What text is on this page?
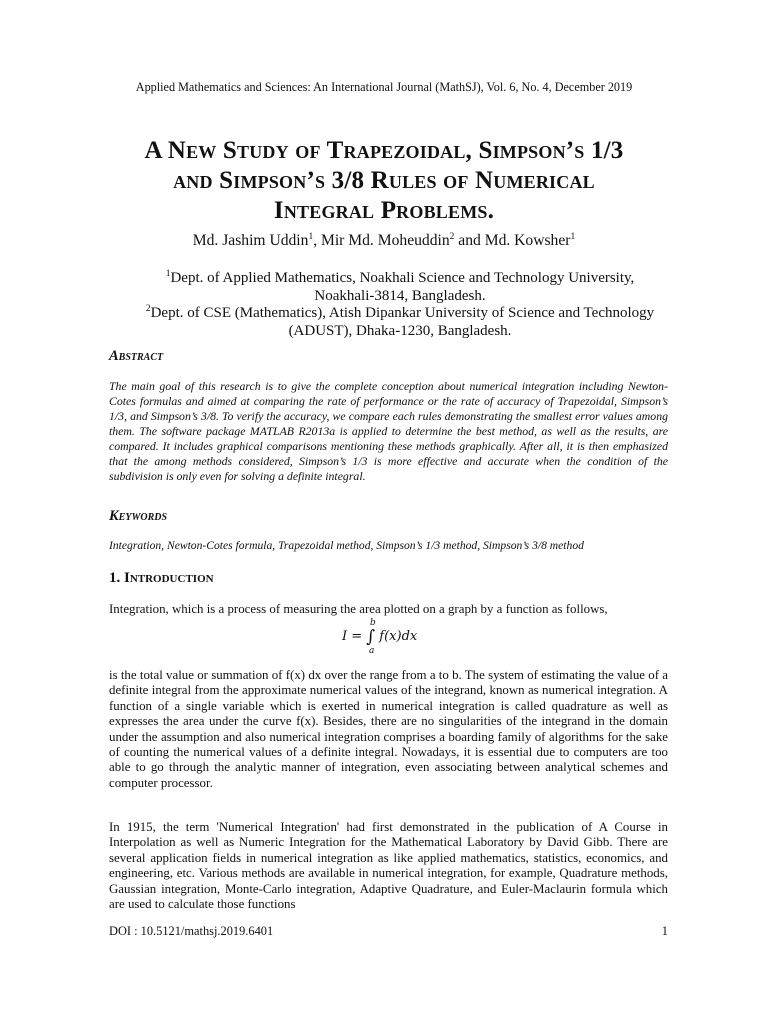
Applied Mathematics and Sciences: An International Journal (MathSJ), Vol. 6, No. 4, December 2019
A New Study of Trapezoidal, Simpson’s 1/3
and Simpson’s 3/8 Rules of Numerical
Integral Problems.
Md. Jashim Uddin$^1$, Mir Md. Moheuddin$^2$ and Md. Kowsher$^1$
$^1$Dept. of Applied Mathematics, Noakhali Science and Technology University, Noakhali-3814, Bangladesh.
$^2$Dept. of CSE (Mathematics), Atish Dipankar University of Science and Technology (ADUST), Dhaka-1230, Bangladesh.
Abstract
The main goal of this research is to give the complete conception about numerical integration including Newton-Cotes formulas and aimed at comparing the rate of performance or the rate of accuracy of Trapezoidal, Simpson’s 1/3, and Simpson’s 3/8. To verify the accuracy, we compare each rules demonstrating the smallest error values among them. The software package MATLAB R2013a is applied to determine the best method, as well as the results, are compared. It includes graphical comparisons mentioning these methods graphically. After all, it is then emphasized that the among methods considered, Simpson’s 1/3 is more effective and accurate when the condition of the subdivision is only even for solving a definite integral.
Keywords
Integration, Newton-Cotes formula, Trapezoidal method, Simpson’s 1/3 method, Simpson’s 3/8 method
1. Introduction
Integration, which is a process of measuring the area plotted on a graph by a function as follows,
b
I = ∫ f(x)dx
a
is the total value or summation of f(x) dx over the range from a to b. The system of estimating the value of a definite integral from the approximate numerical values of the integrand, known as numerical integration. A function of a single variable which is exerted in numerical integration is called quadrature as well as expresses the area under the curve f(x). Besides, there are no singularities of the integrand in the domain under the assumption and also numerical integration comprises a boarding family of algorithms for the sake of counting the numerical values of a definite integral. Nowadays, it is essential due to computers are too able to go through the analytic manner of integration, even associating between analytical schemes and computer processor.
In 1915, the term 'Numerical Integration' had first demonstrated in the publication of A Course in Interpolation as well as Numeric Integration for the Mathematical Laboratory by David Gibb. There are several application fields in numerical integration as like applied mathematics, statistics, economics, and engineering, etc. Various methods are available in numerical integration, for example, Quadrature methods, Gaussian integration, Monte-Carlo integration, Adaptive Quadrature, and Euler-Maclaurin formula which are used to calculate those functions
DOI : 10.5121/mathsj.2019.6401	1
